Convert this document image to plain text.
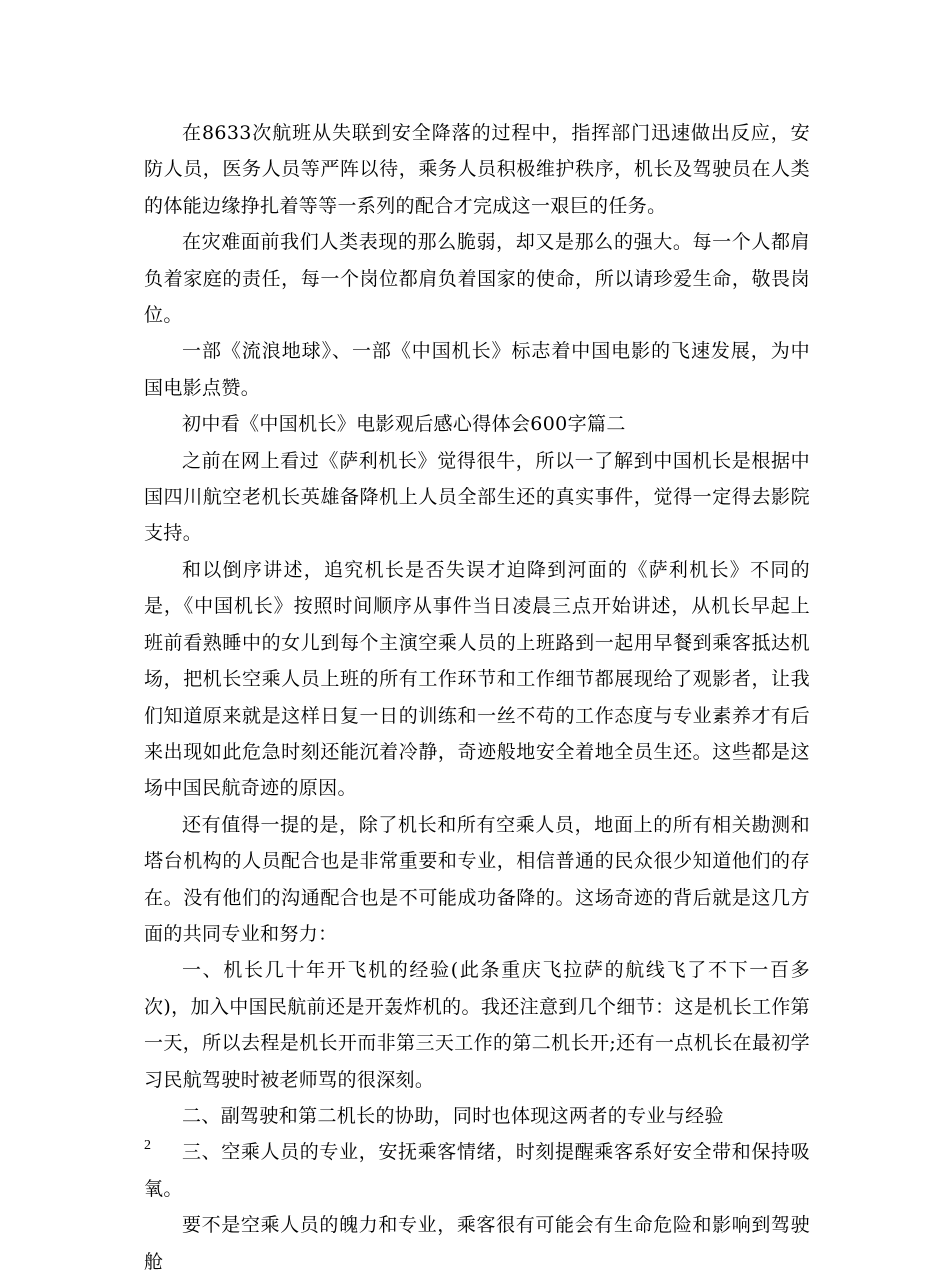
在8633次航班从失联到安全降落的过程中，指挥部门迅速做出反应，安防人员，医务人员等严阵以待，乘务人员积极维护秩序，机长及驾驶员在人类的体能边缘挣扎着等等一系列的配合才完成这一艰巨的任务。

在灾难面前我们人类表现的那么脆弱，却又是那么的强大。每一个人都肩负着家庭的责任，每一个岗位都肩负着国家的使命，所以请珍爱生命，敬畏岗位。

一部《流浪地球》、一部《中国机长》标志着中国电影的飞速发展，为中国电影点赞。

初中看《中国机长》电影观后感心得体会600字篇二

之前在网上看过《萨利机长》觉得很牛，所以一了解到中国机长是根据中国四川航空老机长英雄备降机上人员全部生还的真实事件，觉得一定得去影院支持。

和以倒序讲述，追究机长是否失误才迫降到河面的《萨利机长》不同的是，《中国机长》按照时间顺序从事件当日凌晨三点开始讲述，从机长早起上班前看熟睡中的女儿到每个主演空乘人员的上班路到一起用早餐到乘客抵达机场，把机长空乘人员上班的所有工作环节和工作细节都展现给了观影者，让我们知道原来就是这样日复一日的训练和一丝不苟的工作态度与专业素养才有后来出现如此危急时刻还能沉着冷静，奇迹般地安全着地全员生还。这些都是这场中国民航奇迹的原因。

还有值得一提的是，除了机长和所有空乘人员，地面上的所有相关勘测和塔台机构的人员配合也是非常重要和专业，相信普通的民众很少知道他们的存在。没有他们的沟通配合也是不可能成功备降的。这场奇迹的背后就是这几方面的共同专业和努力：

一、机长几十年开飞机的经验(此条重庆飞拉萨的航线飞了不下一百多次)，加入中国民航前还是开轰炸机的。我还注意到几个细节：这是机长工作第一天，所以去程是机长开而非第三天工作的第二机长开;还有一点机长在最初学习民航驾驶时被老师骂的很深刻。

二、副驾驶和第二机长的协助，同时也体现这两者的专业与经验

三、空乘人员的专业，安抚乘客情绪，时刻提醒乘客系好安全带和保持吸氧。

要不是空乘人员的魄力和专业，乘客很有可能会有生命危险和影响到驾驶舱

2
